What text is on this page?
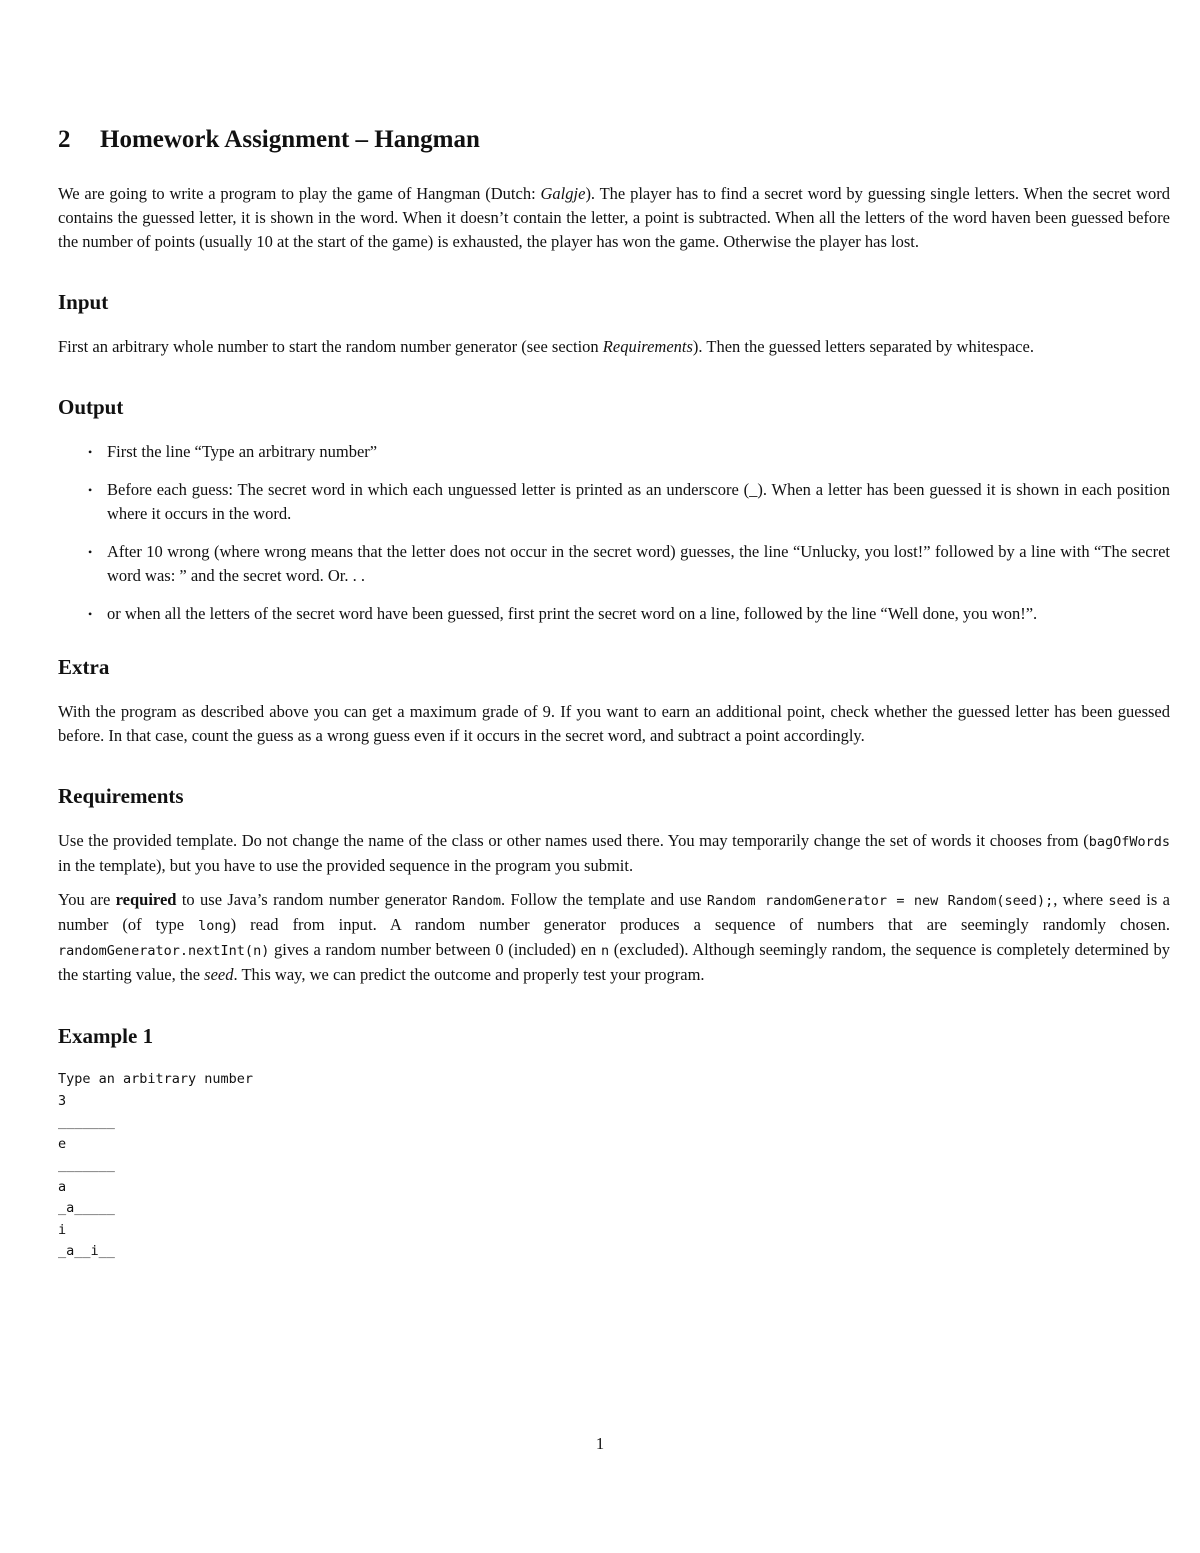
2 Homework Assignment – Hangman

We are going to write a program to play the game of Hangman (Dutch: Galgje). The player has to find a secret word by guessing single letters. When the secret word contains the guessed letter, it is shown in the word. When it doesn’t contain the letter, a point is subtracted. When all the letters of the word haven been guessed before the number of points (usually 10 at the start of the game) is exhausted, the player has won the game. Otherwise the player has lost.

Input

First an arbitrary whole number to start the random number generator (see section Requirements). Then the guessed letters separated by whitespace.

Output
• First the line “Type an arbitrary number”
• Before each guess: The secret word in which each unguessed letter is printed as an underscore (_). When a letter has been guessed it is shown in each position where it occurs in the word.
• After 10 wrong (where wrong means that the letter does not occur in the secret word) guesses, the line “Unlucky, you lost!” followed by a line with “The secret word was: ” and the secret word. Or. . .
• or when all the letters of the secret word have been guessed, first print the secret word on a line, followed by the line “Well done, you won!”.
Extra

With the program as described above you can get a maximum grade of 9. If you want to earn an additional point, check whether the guessed letter has been guessed before. In that case, count the guess as a wrong guess even if it occurs in the secret word, and subtract a point accordingly.

Requirements

Use the provided template. Do not change the name of the class or other names used there. You may temporarily change the set of words it chooses from (bagOfWords in the template), but you have to use the provided sequence in the program you submit.

You are required to use Java’s random number generator Random. Follow the template and use Random randomGenerator = new Random(seed);, where seed is a number (of type long) read from input. A random number generator produces a sequence of numbers that are seemingly randomly chosen. randomGenerator.nextInt(n) gives a random number between 0 (included) en n (excluded). Although seemingly random, the sequence is completely determined by the starting value, the seed. This way, we can predict the outcome and properly test your program.

Example 1
Type an arbitrary number
3
_______
e
_______
a
_a_____
i
_a__i__
1
